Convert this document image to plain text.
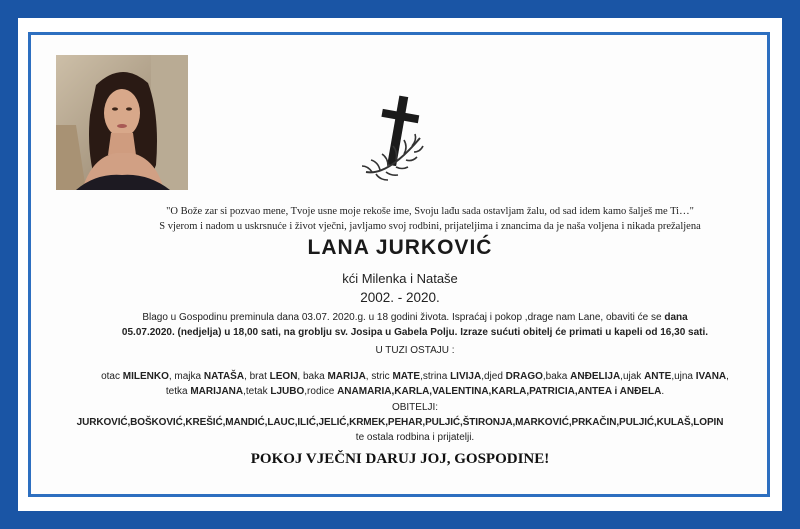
"O Bože zar si pozvao mene, Tvoje usne moje rekoše ime, Svoju lađu sada ostavljam žalu, od sad idem kamo šalješ me Ti…"
S vjerom i nadom u uskrsnuće i život vječni, javljamo svoj rodbini, prijateljima i znancima da je naša voljena i nikada prežaljena
LANA JURKOVIĆ
kći Milenka i Nataše
2002. - 2020.
Blago u Gospodinu preminula dana 03.07. 2020.g. u 18 godini života. Ispraćaj i pokop ,drage nam Lane, obaviti će se dana
05.07.2020. (nedjelja) u 18,00 sati, na groblju sv. Josipa u Gabela Polju. Izraze sućuti obitelj će primati u kapeli od 16,30 sati.
U TUZI OSTAJU :
otac MILENKO, majka NATAŠA, brat LEON, baka MARIJA, stric MATE,strina LIVIJA,djed DRAGO,baka ANĐELIJA,ujak ANTE,ujna IVANA, tetka MARIJANA,tetak LJUBO,rodice ANAMARIA,KARLA,VALENTINA,KARLA,PATRICIA,ANTEA i ANĐELA.
OBITELJI:
JURKOVIĆ,BOŠKOVIĆ,KREŠIĆ,MANDIĆ,LAUC,ILIĆ,JELIĆ,KRMEK,PEHAR,PULJIĆ,ŠTIRONJA,MARKOVIĆ,PRKAČIN,PULJIĆ,KULAŠ,LOPIN
te ostala rodbina i prijatelji.
POKOJ VJEČNI DARUJ JOJ, GOSPODINE!
